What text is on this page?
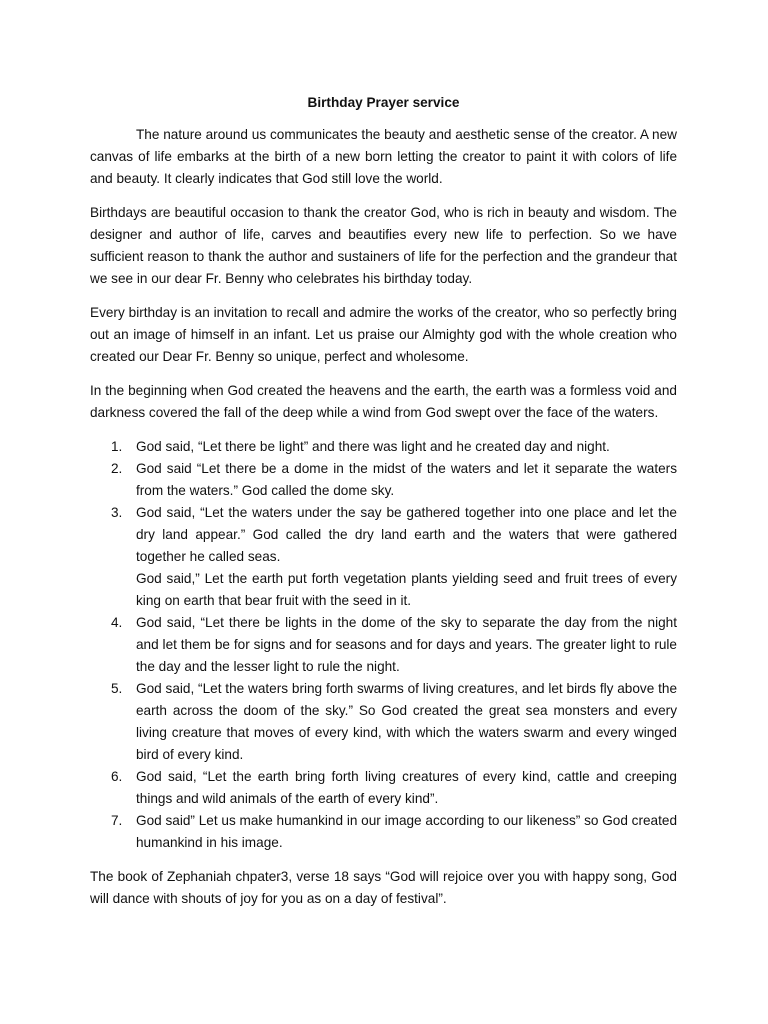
Birthday Prayer service

The nature around us communicates the beauty and aesthetic sense of the creator. A new canvas of life embarks at the birth of a new born letting the creator to paint it with colors of life and beauty. It clearly indicates that God still love the world.

Birthdays are beautiful occasion to thank the creator God, who is rich in beauty and wisdom. The designer and author of life, carves and beautifies every new life to perfection. So we have sufficient reason to thank the author and sustainers of life for the perfection and the grandeur that we see in our dear Fr. Benny who celebrates his birthday today.

Every birthday is an invitation to recall and admire the works of the creator, who so perfectly bring out an image of himself in an infant. Let us praise our Almighty god with the whole creation who created our Dear Fr. Benny so unique, perfect and wholesome.

In the beginning when God created the heavens and the earth, the earth was a formless void and darkness covered the fall of the deep while a wind from God swept over the face of the waters.

1. God said, “Let there be light” and there was light and he created day and night.
2. God said “Let there be a dome in the midst of the waters and let it separate the waters from the waters.” God called the dome sky.
3. God said, “Let the waters under the say be gathered together into one place and let the dry land appear.” God called the dry land earth and the waters that were gathered together he called seas.
God said,” Let the earth put forth vegetation plants yielding seed and fruit trees of every king on earth that bear fruit with the seed in it.
4. God said, “Let there be lights in the dome of the sky to separate the day from the night and let them be for signs and for seasons and for days and years. The greater light to rule the day and the lesser light to rule the night.
5. God said, “Let the waters bring forth swarms of living creatures, and let birds fly above the earth across the doom of the sky.” So God created the great sea monsters and every living creature that moves of every kind, with which the waters swarm and every winged bird of every kind.
6. God said, “Let the earth bring forth living creatures of every kind, cattle and creeping things and wild animals of the earth of every kind”.
7. God said” Let us make humankind in our image according to our likeness” so God created humankind in his image.

The book of Zephaniah chpater3, verse 18 says “God will rejoice over you with happy song, God will dance with shouts of joy for you as on a day of festival”.
